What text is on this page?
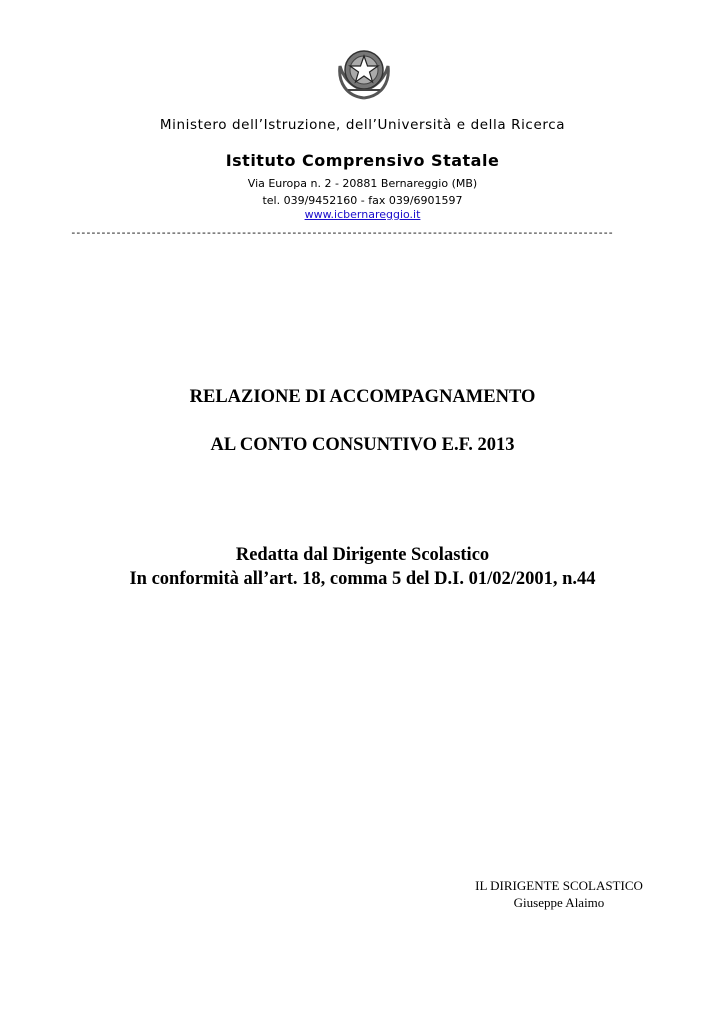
Ministero dell’Istruzione, dell’Università e della Ricerca
Istituto Comprensivo Statale
Via Europa n. 2 - 20881 Bernareggio (MB)
tel. 039/9452160 - fax 039/6901597
www.icbernareggio.it
------------------------------------------------------------------------------------------------------------
RELAZIONE DI ACCOMPAGNAMENTO
AL CONTO CONSUNTIVO E.F. 2013
Redatta dal Dirigente Scolastico
In conformità all’art. 18, comma 5 del D.I. 01/02/2001, n.44
IL DIRIGENTE SCOLASTICO
Giuseppe Alaimo
